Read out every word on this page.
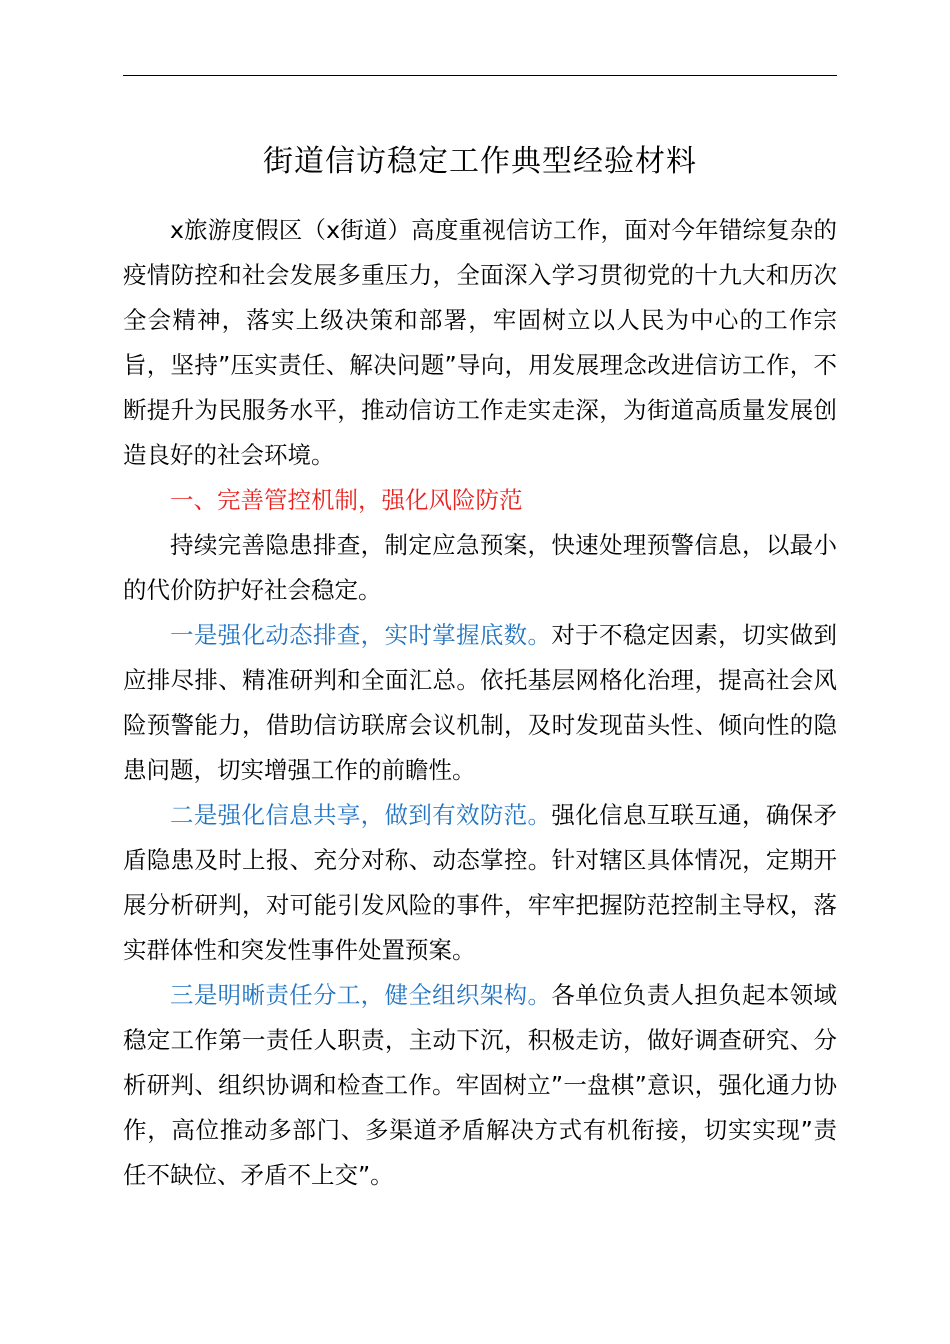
街道信访稳定工作典型经验材料

x旅游度假区（x街道）高度重视信访工作，面对今年错综复杂的疫情防控和社会发展多重压力，全面深入学习贯彻党的十九大和历次全会精神，落实上级决策和部署，牢固树立以人民为中心的工作宗旨，坚持”压实责任、解决问题”导向，用发展理念改进信访工作，不断提升为民服务水平，推动信访工作走实走深，为街道高质量发展创造良好的社会环境。

一、完善管控机制，强化风险防范

持续完善隐患排查，制定应急预案，快速处理预警信息，以最小的代价防护好社会稳定。

一是强化动态排查，实时掌握底数。对于不稳定因素，切实做到应排尽排、精准研判和全面汇总。依托基层网格化治理，提高社会风险预警能力，借助信访联席会议机制，及时发现苗头性、倾向性的隐患问题，切实增强工作的前瞻性。

二是强化信息共享，做到有效防范。强化信息互联互通，确保矛盾隐患及时上报、充分对称、动态掌控。针对辖区具体情况，定期开展分析研判，对可能引发风险的事件，牢牢把握防范控制主导权，落实群体性和突发性事件处置预案。

三是明晰责任分工，健全组织架构。各单位负责人担负起本领域稳定工作第一责任人职责，主动下沉，积极走访，做好调查研究、分析研判、组织协调和检查工作。牢固树立”一盘棋”意识，强化通力协作，高位推动多部门、多渠道矛盾解决方式有机衔接，切实实现”责任不缺位、矛盾不上交”。
